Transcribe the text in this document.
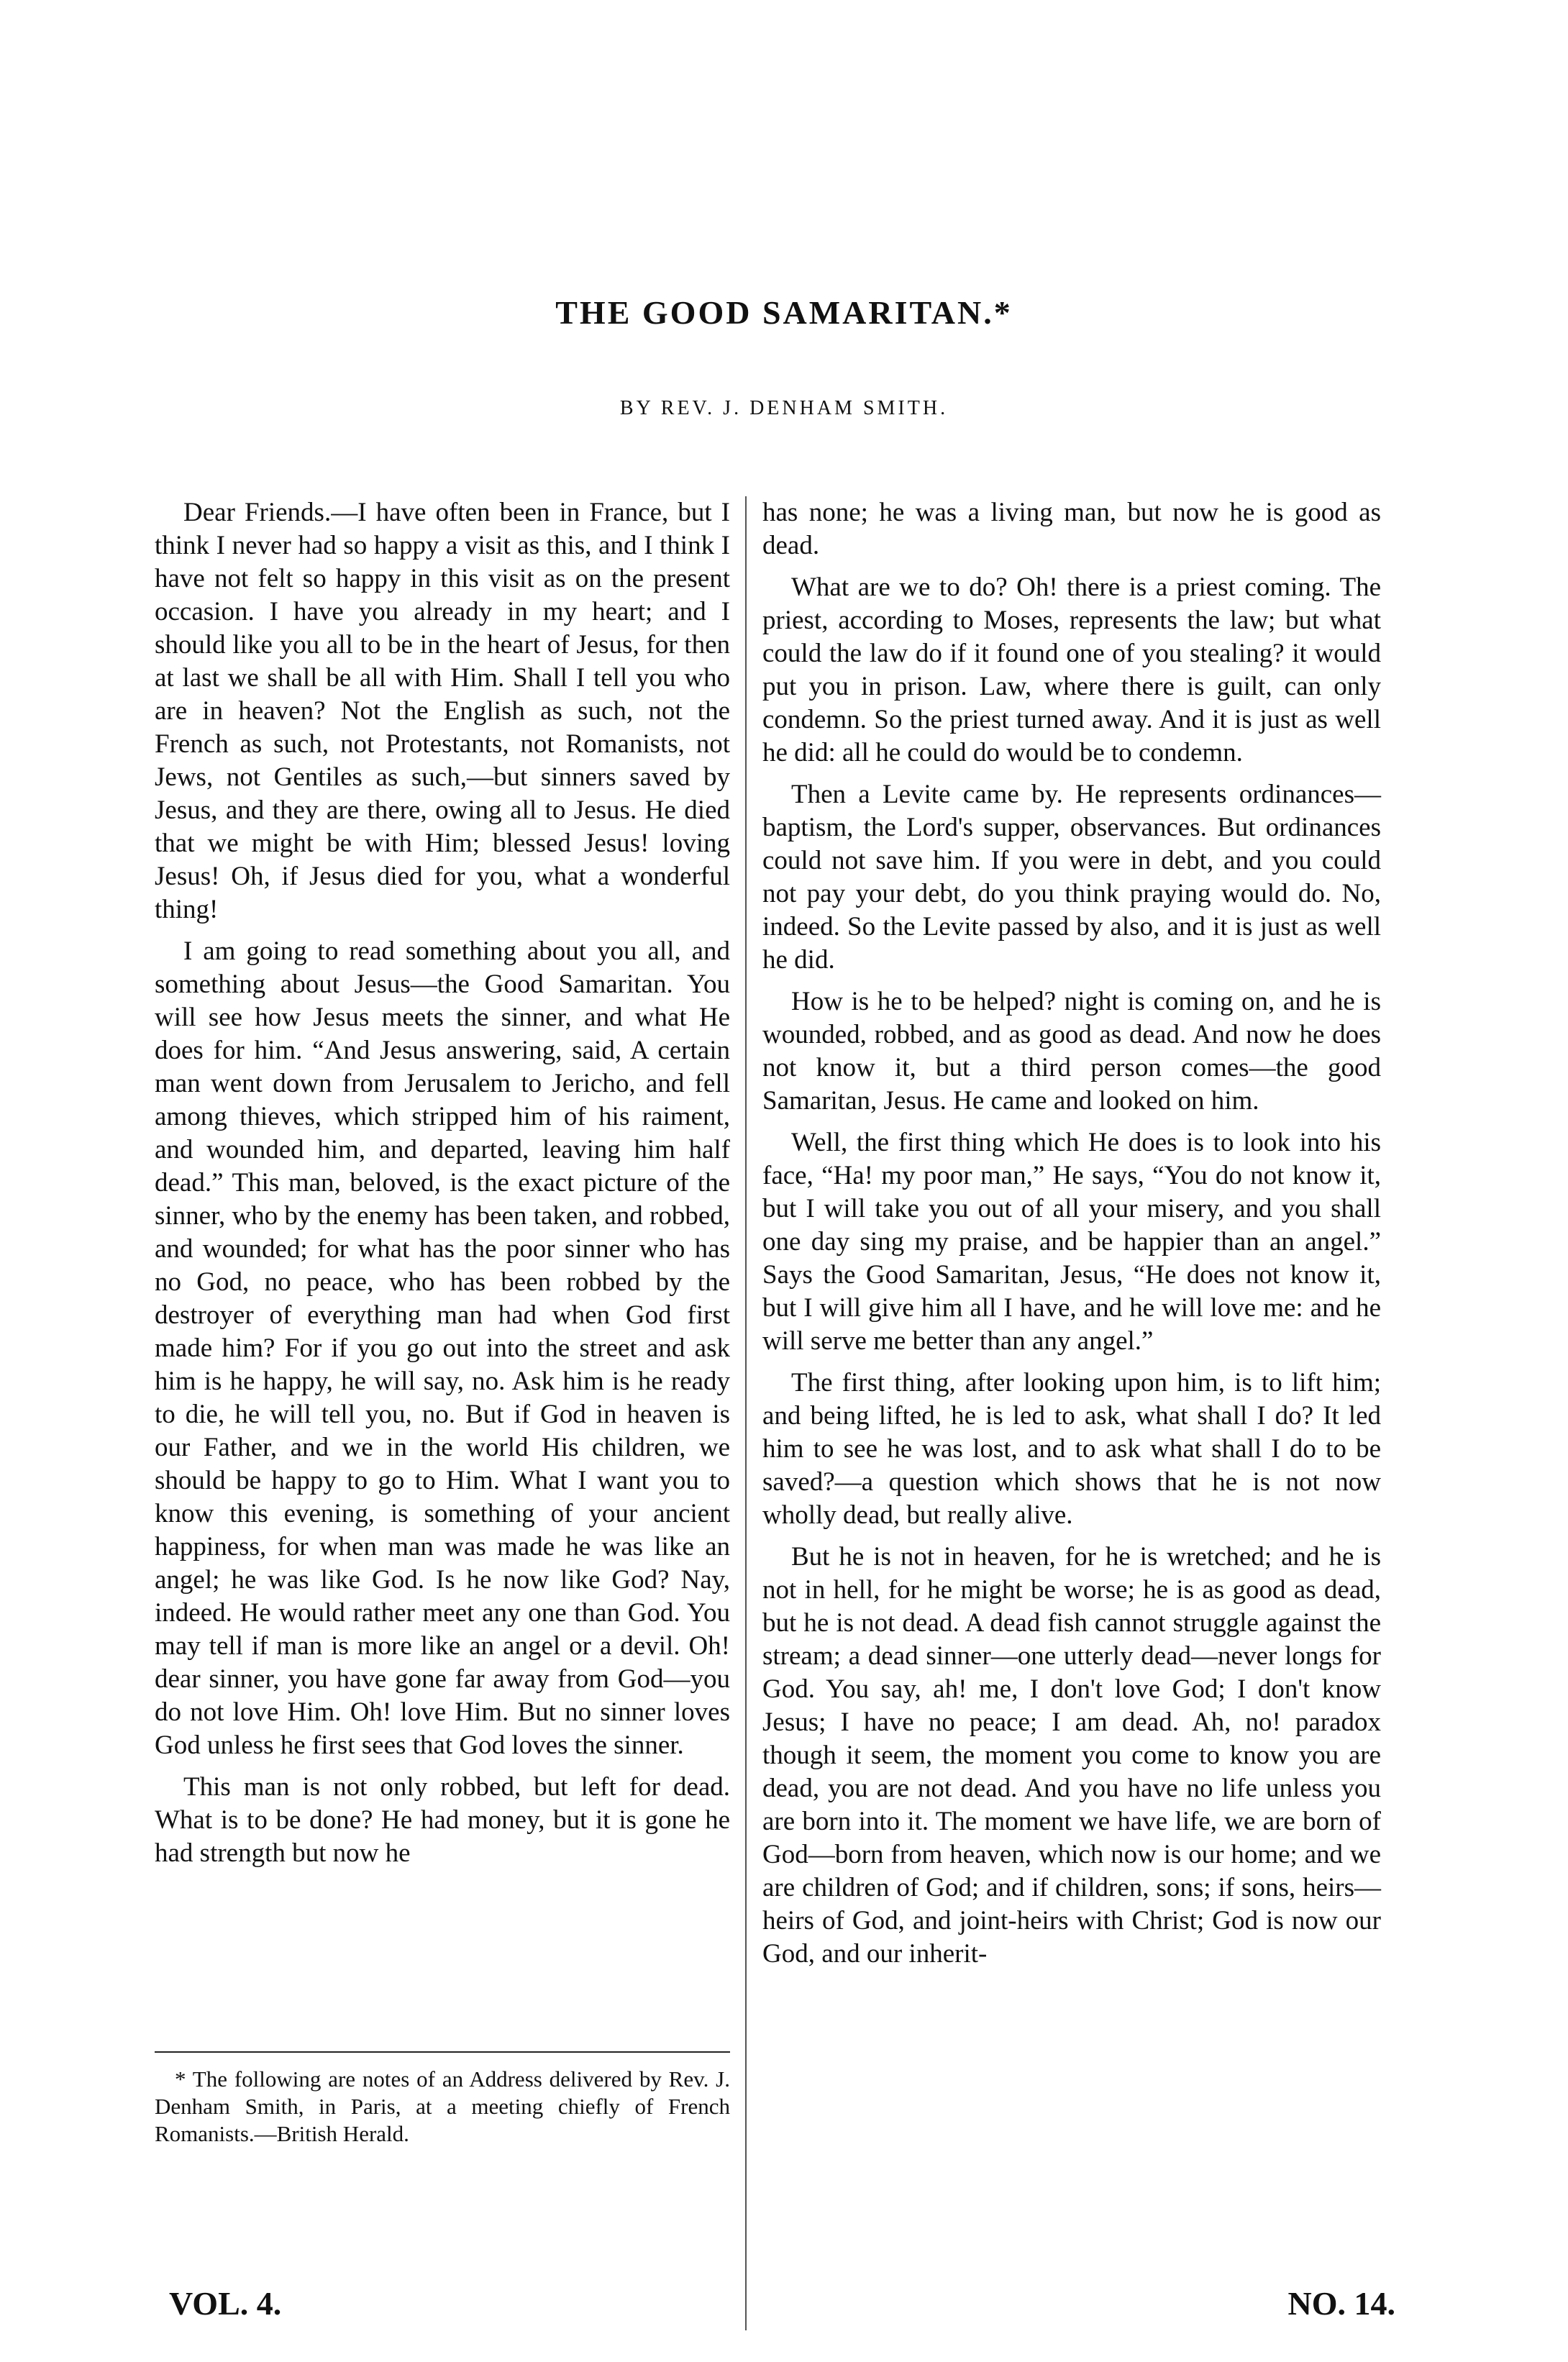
THE GOOD SAMARITAN.*
BY REV. J. DENHAM SMITH.

Dear Friends.—I have often been in France, but I think I never had so happy a visit as this, and I think I have not felt so happy in this visit as on the present occasion. I have you already in my heart; and I should like you all to be in the heart of Jesus, for then at last we shall be all with Him. Shall I tell you who are in heaven? Not the English as such, not the French as such, not Protestants, not Romanists, not Jews, not Gentiles as such,—but sinners saved by Jesus, and they are there, owing all to Jesus. He died that we might be with Him; blessed Jesus! loving Jesus! Oh, if Jesus died for you, what a wonderful thing!

I am going to read something about you all, and something about Jesus—the Good Samaritan. You will see how Jesus meets the sinner, and what He does for him. “And Jesus answering, said, A certain man went down from Jerusalem to Jericho, and fell among thieves, which stripped him of his raiment, and wounded him, and departed, leaving him half dead.” This man, beloved, is the exact picture of the sinner, who by the enemy has been taken, and robbed, and wounded; for what has the poor sinner who has no God, no peace, who has been robbed by the destroyer of everything man had when God first made him? For if you go out into the street and ask him is he happy, he will say, no. Ask him is he ready to die, he will tell you, no. But if God in heaven is our Father, and we in the world His children, we should be happy to go to Him. What I want you to know this evening, is something of your ancient happiness, for when man was made he was like an angel; he was like God. Is he now like God? Nay, indeed. He would rather meet any one than God. You may tell if man is more like an angel or a devil. Oh! dear sinner, you have gone far away from God—you do not love Him. Oh! love Him. But no sinner loves God unless he first sees that God loves the sinner.

This man is not only robbed, but left for dead. What is to be done? He had money, but it is gone he had strength but now he

has none; he was a living man, but now he is good as dead.

What are we to do? Oh! there is a priest coming. The priest, according to Moses, represents the law; but what could the law do if it found one of you stealing? it would put you in prison. Law, where there is guilt, can only condemn. So the priest turned away. And it is just as well he did: all he could do would be to condemn.

Then a Levite came by. He represents ordinances—baptism, the Lord's supper, observances. But ordinances could not save him. If you were in debt, and you could not pay your debt, do you think praying would do. No, indeed. So the Levite passed by also, and it is just as well he did.

How is he to be helped? night is coming on, and he is wounded, robbed, and as good as dead. And now he does not know it, but a third person comes—the good Samaritan, Jesus. He came and looked on him.

Well, the first thing which He does is to look into his face, “Ha! my poor man,” He says, “You do not know it, but I will take you out of all your misery, and you shall one day sing my praise, and be happier than an angel.” Says the Good Samaritan, Jesus, “He does not know it, but I will give him all I have, and he will love me: and he will serve me better than any angel.”

The first thing, after looking upon him, is to lift him; and being lifted, he is led to ask, what shall I do? It led him to see he was lost, and to ask what shall I do to be saved?—a question which shows that he is not now wholly dead, but really alive.

But he is not in heaven, for he is wretched; and he is not in hell, for he might be worse; he is as good as dead, but he is not dead. A dead fish cannot struggle against the stream; a dead sinner—one utterly dead—never longs for God. You say, ah! me, I don't love God; I don't know Jesus; I have no peace; I am dead. Ah, no! paradox though it seem, the moment you come to know you are dead, you are not dead. And you have no life unless you are born into it. The moment we have life, we are born of God—born from heaven, which now is our home; and we are children of God; and if children, sons; if sons, heirs—heirs of God, and joint-heirs with Christ; God is now our God, and our inherit-

* The following are notes of an Address delivered by Rev. J. Denham Smith, in Paris, at a meeting chiefly of French Romanists.—British Herald.

VOL. 4.	NO. 14.
